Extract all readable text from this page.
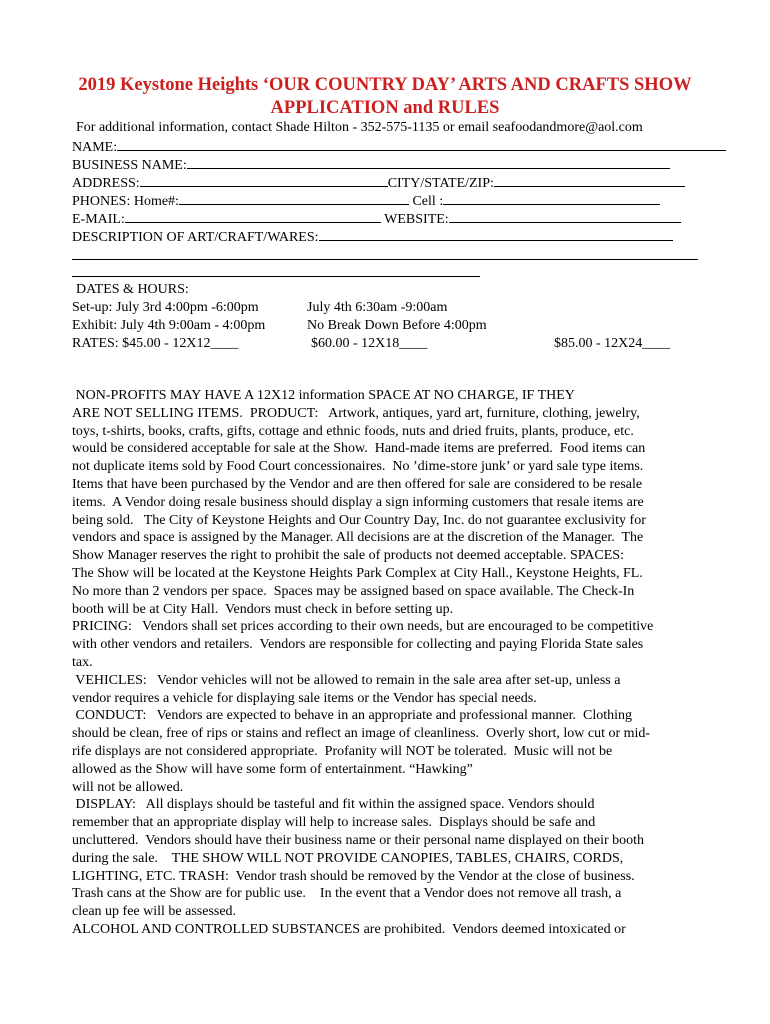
2019 Keystone Heights ‘OUR COUNTRY DAY’ ARTS AND CRAFTS SHOW
APPLICATION and RULES
For additional information, contact Shade Hilton - 352-575-1135 or email seafoodandmore@aol.com
NAME:
BUSINESS NAME:
ADDRESS:	CITY/STATE/ZIP:
PHONES: Home#:	Cell :
E-MAIL:	WEBSITE:
DESCRIPTION OF ART/CRAFT/WARES:
DATES & HOURS:
Set-up: July 3rd 4:00pm -6:00pm	July 4th 6:30am -9:00am
Exhibit: July 4th 9:00am - 4:00pm	No Break Down Before 4:00pm
RATES: $45.00 - 12X12____	$60.00 - 12X18____	$85.00 - 12X24____
NON-PROFITS MAY HAVE A 12X12 information SPACE AT NO CHARGE, IF THEY
ARE NOT SELLING ITEMS.  PRODUCT:   Artwork, antiques, yard art, furniture, clothing, jewelry,
toys, t-shirts, books, crafts, gifts, cottage and ethnic foods, nuts and dried fruits, plants, produce, etc.
would be considered acceptable for sale at the Show.  Hand-made items are preferred.  Food items can
not duplicate items sold by Food Court concessionaires.  No ’dime-store junk’ or yard sale type items.
Items that have been purchased by the Vendor and are then offered for sale are considered to be resale
items.  A Vendor doing resale business should display a sign informing customers that resale items are
being sold.   The City of Keystone Heights and Our Country Day, Inc. do not guarantee exclusivity for
vendors and space is assigned by the Manager. All decisions are at the discretion of the Manager.  The
Show Manager reserves the right to prohibit the sale of products not deemed acceptable. SPACES:
The Show will be located at the Keystone Heights Park Complex at City Hall., Keystone Heights, FL.
No more than 2 vendors per space.  Spaces may be assigned based on space available. The Check-In
booth will be at City Hall.  Vendors must check in before setting up.
PRICING:   Vendors shall set prices according to their own needs, but are encouraged to be competitive
with other vendors and retailers.  Vendors are responsible for collecting and paying Florida State sales
tax.
VEHICLES:   Vendor vehicles will not be allowed to remain in the sale area after set-up, unless a
vendor requires a vehicle for displaying sale items or the Vendor has special needs.
CONDUCT:   Vendors are expected to behave in an appropriate and professional manner.  Clothing
should be clean, free of rips or stains and reflect an image of cleanliness.  Overly short, low cut or mid-
rife displays are not considered appropriate.  Profanity will NOT be tolerated.  Music will not be
allowed as the Show will have some form of entertainment. “Hawking”
will not be allowed.
DISPLAY:   All displays should be tasteful and fit within the assigned space. Vendors should
remember that an appropriate display will help to increase sales.  Displays should be safe and
uncluttered.  Vendors should have their business name or their personal name displayed on their booth
during the sale.    THE SHOW WILL NOT PROVIDE CANOPIES, TABLES, CHAIRS, CORDS,
LIGHTING, ETC. TRASH:  Vendor trash should be removed by the Vendor at the close of business.
Trash cans at the Show are for public use.    In the event that a Vendor does not remove all trash, a
clean up fee will be assessed.
ALCOHOL AND CONTROLLED SUBSTANCES are prohibited.  Vendors deemed intoxicated or
